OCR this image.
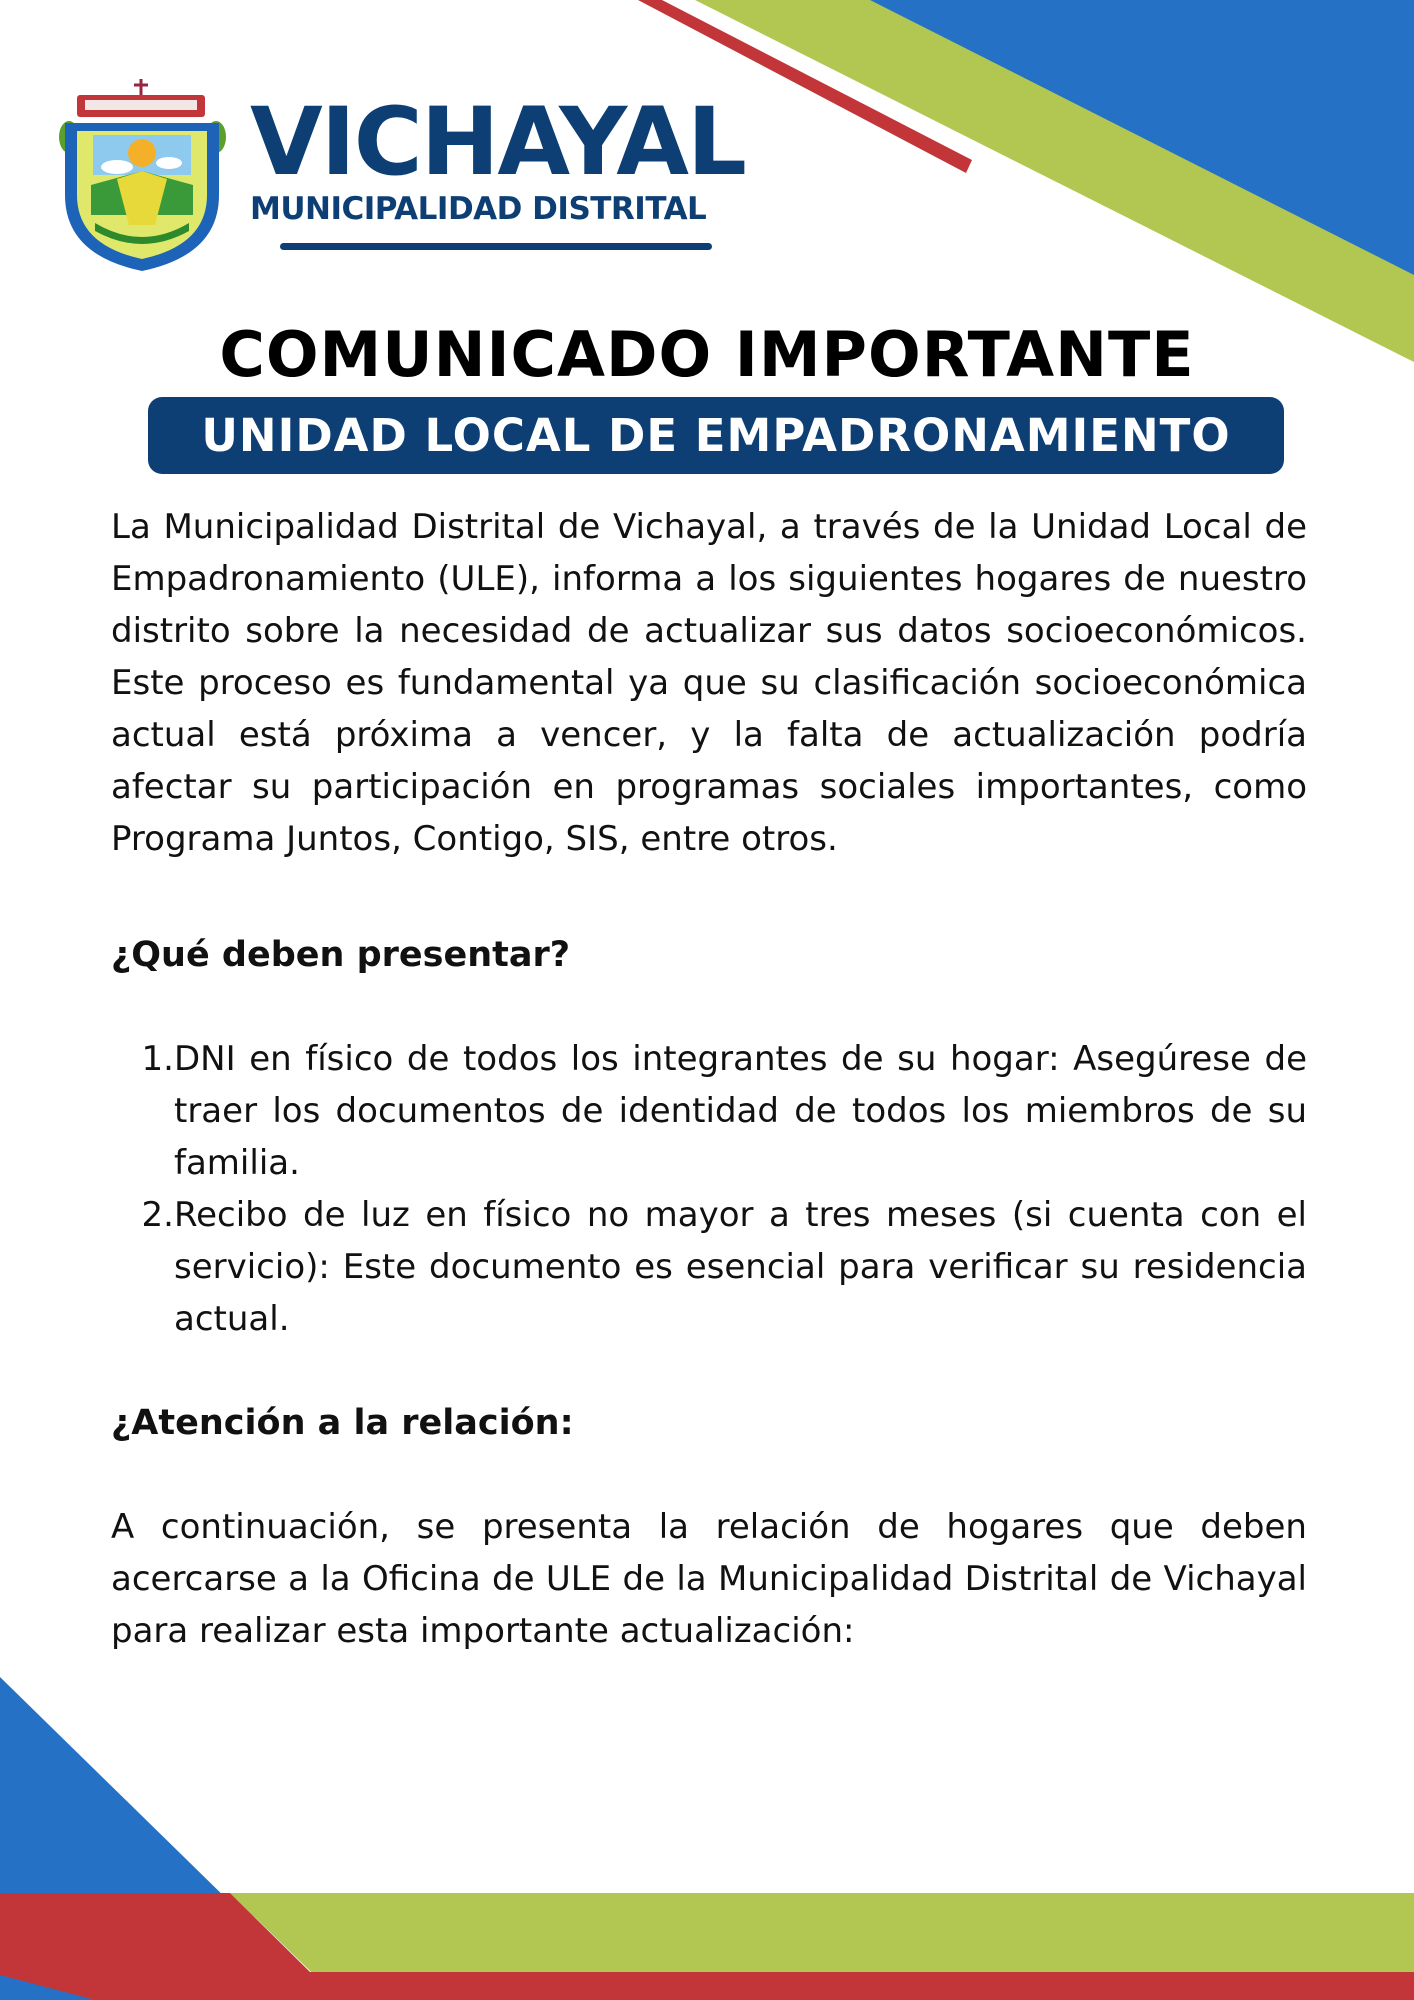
VICHAYAL
MUNICIPALIDAD DISTRITAL
COMUNICADO IMPORTANTE
UNIDAD LOCAL DE EMPADRONAMIENTO

La Municipalidad Distrital de Vichayal, a través de la Unidad Local de Empadronamiento (ULE), informa a los siguientes hogares de nuestro distrito sobre la necesidad de actualizar sus datos socioeconómicos. Este proceso es fundamental ya que su clasificación socioeconómica actual está próxima a vencer, y la falta de actualización podría afectar su participación en programas sociales importantes, como Programa Juntos, Contigo, SIS, entre otros.

¿Qué deben presentar?
1. DNI en físico de todos los integrantes de su hogar: Asegúrese de traer los documentos de identidad de todos los miembros de su familia.

2. Recibo de luz en físico no mayor a tres meses (si cuenta con el servicio): Este documento es esencial para verificar su residencia actual.

¿Atención a la relación:

A continuación, se presenta la relación de hogares que deben acercarse a la Oficina de ULE de la Municipalidad Distrital de Vichayal para realizar esta importante actualización:
